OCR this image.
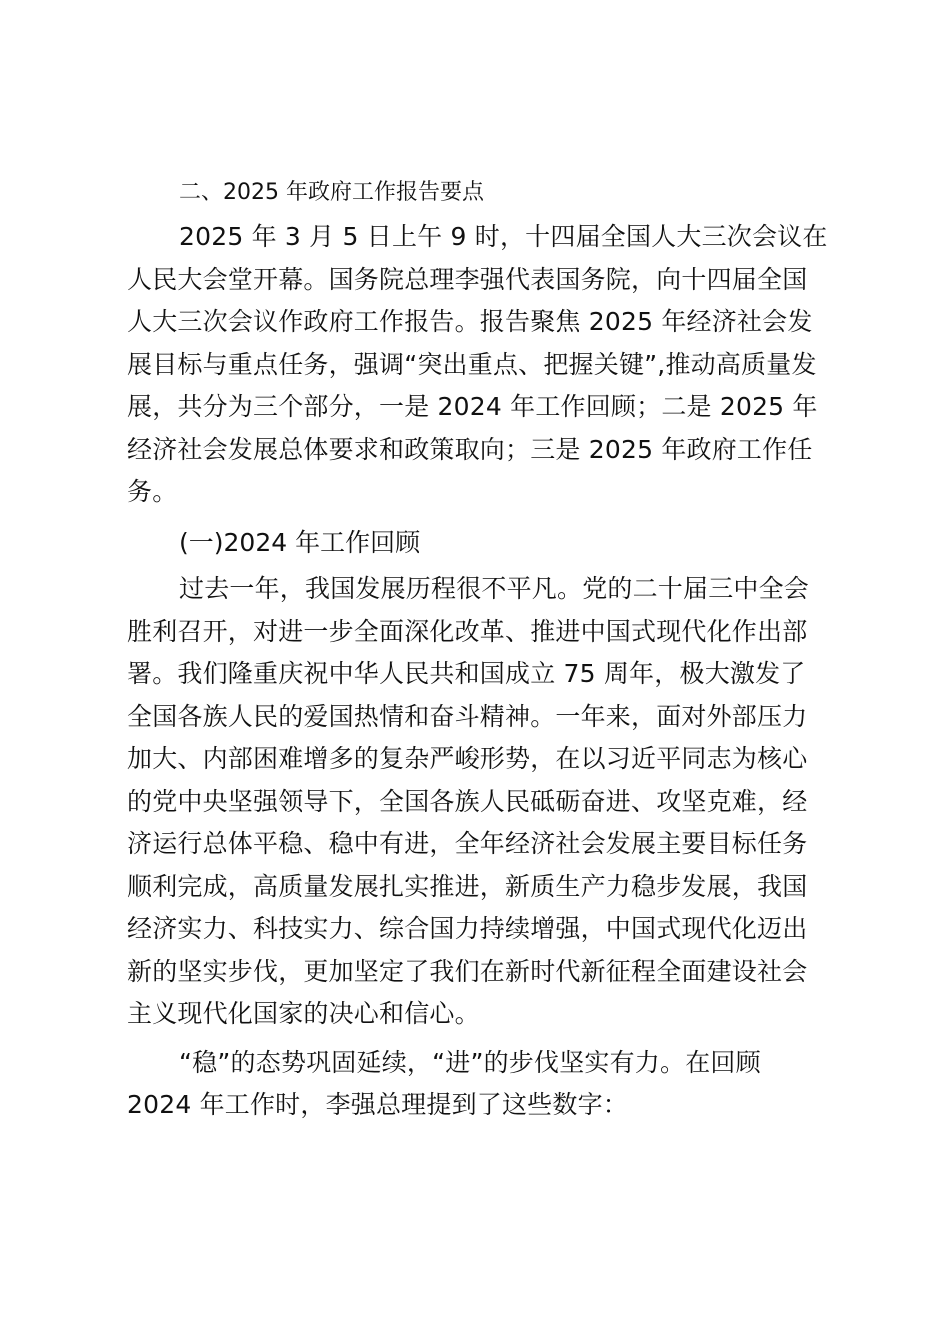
二、2025 年政府工作报告要点

2025 年 3 月 5 日上午 9 时，十四届全国人大三次会议在人民大会堂开幕。国务院总理李强代表国务院，向十四届全国人大三次会议作政府工作报告。报告聚焦 2025 年经济社会发展目标与重点任务，强调“突出重点、把握关键”,推动高质量发展，共分为三个部分，一是 2024 年工作回顾；二是 2025 年经济社会发展总体要求和政策取向；三是 2025 年政府工作任务。

(一)2024 年工作回顾

过去一年，我国发展历程很不平凡。党的二十届三中全会胜利召开，对进一步全面深化改革、推进中国式现代化作出部署。我们隆重庆祝中华人民共和国成立 75 周年，极大激发了全国各族人民的爱国热情和奋斗精神。一年来，面对外部压力加大、内部困难增多的复杂严峻形势，在以习近平同志为核心的党中央坚强领导下，全国各族人民砥砺奋进、攻坚克难，经济运行总体平稳、稳中有进，全年经济社会发展主要目标任务顺利完成，高质量发展扎实推进，新质生产力稳步发展，我国经济实力、科技实力、综合国力持续增强，中国式现代化迈出新的坚实步伐，更加坚定了我们在新时代新征程全面建设社会主义现代化国家的决心和信心。

“稳”的态势巩固延续，“进”的步伐坚实有力。在回顾 2024 年工作时，李强总理提到了这些数字：
